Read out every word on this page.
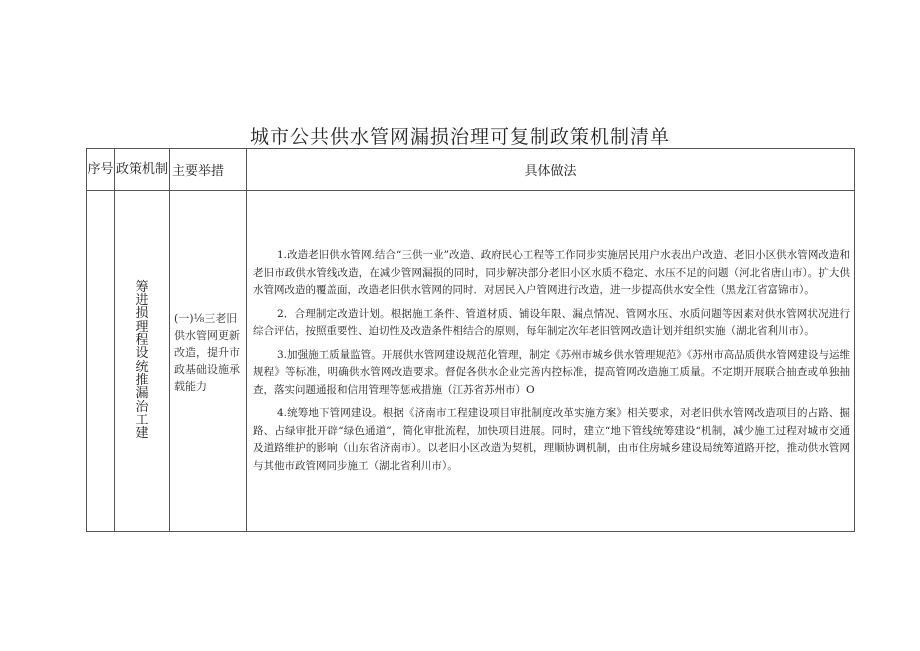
城市公共供水管网漏损治理可复制政策机制清单
序号	政策机制	主要举措	具体做法
	筹进损理程设统推漏治工建	(一)⅛三老旧供水管网更新改造，提升市政基础设施承载能力	1.改造老旧供水管网.结合“三供一业”改造、政府民心工程等工作同步实施居民用户水表出户改造、老旧小区供水管网改造和老旧市政供水管线改造，在减少管网漏损的同时，同步解决部分老旧小区水质不稳定、水压不足的问题（河北省唐山市）。扩大供水管网改造的覆盖面，改造老旧供水管网的同时．对居民入户管网进行改造，进一步提高供水安全性（黑龙江省富锦市）。

2．合理制定改造计划。根据施工条件、管道材质、铺设年限、漏点情况、管网水压、水质问题等因素对供水管网状况进行综合评估，按照重要性、迫切性及改造条件相结合的原则，每年制定次年老旧管网改造计划并组织实施（湖北省利川市）。

3.加强施工质量监管。开展供水管网建设规范化管理，制定《苏州市城乡供水管理规范》《苏州市高品质供水管网建设与运维规程》等标准，明确供水管网改造要求。督促各供水企业完善内控标准，提高管网改造施工质量。不定期开展联合抽查或单独抽查，落实问题通报和信用管理等惩戒措施（江苏省苏州市）O

4.统筹地下管网建设。根据《济南市工程建设项目审批制度改革实施方案》相关要求，对老旧供水管网改造项目的占路、掘路、占绿审批开辟“绿色通道”，简化审批流程，加快项目进展。同时，建立“地下管线统筹建设“机制，减少施工过程对城市交通及道路维护的影响（山东省济南市）。以老旧小区改造为契机，理顺协调机制，由市住房城乡建设局统筹道路开挖，推动供水管网与其他市政管网同步施工（湖北省利川市）。
